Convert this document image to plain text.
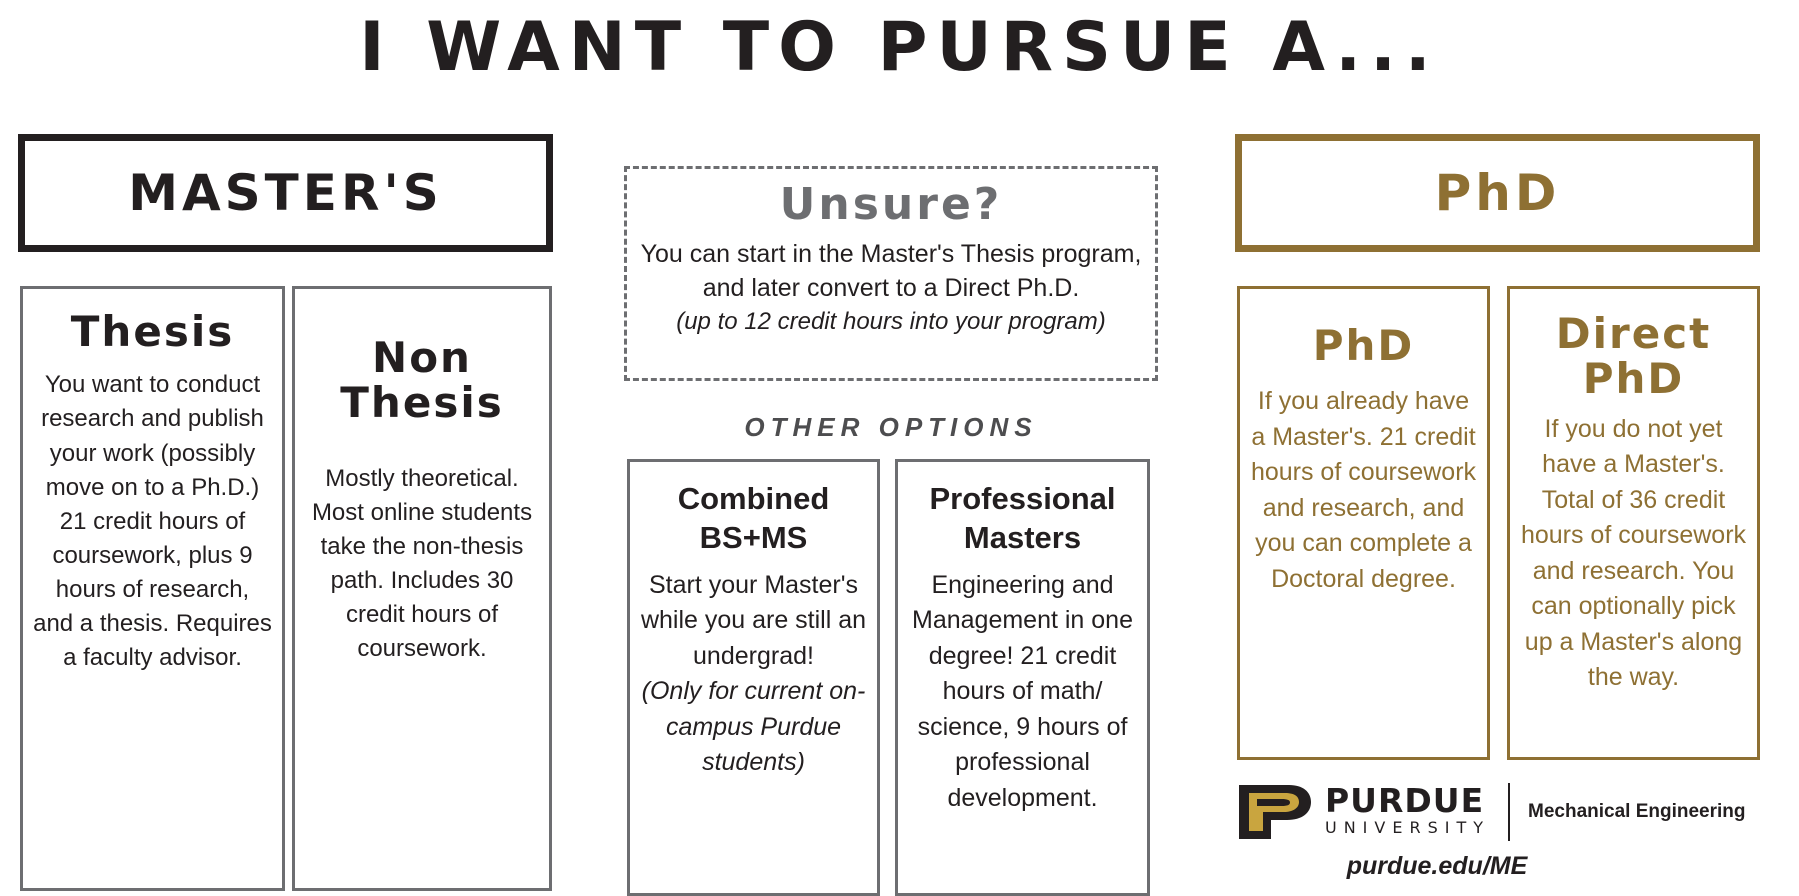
I WANT TO PURSUE A...
MASTER'S
Thesis
You want to conduct research and publish your work (possibly move on to a Ph.D.) 21 credit hours of coursework, plus 9 hours of research, and a thesis. Requires a faculty advisor.
Non Thesis
Mostly theoretical. Most online students take the non-thesis path. Includes 30 credit hours of coursework.
Unsure?
You can start in the Master's Thesis program,
and later convert to a Direct Ph.D.
(up to 12 credit hours into your program)
OTHER OPTIONS
Combined BS+MS
Start your Master's while you are still an undergrad!
(Only for current on-campus Purdue students)
Professional Masters
Engineering and Management in one degree! 21 credit hours of math/ science, 9 hours of professional development.
PhD
PhD
If you already have a Master's. 21 credit hours of coursework and research, and you can complete a Doctoral degree.
Direct PhD
If you do not yet have a Master's. Total of 36 credit hours of coursework and research. You can optionally pick up a Master's along the way.
PURDUE
UNIVERSITY
Mechanical Engineering
purdue.edu/ME
